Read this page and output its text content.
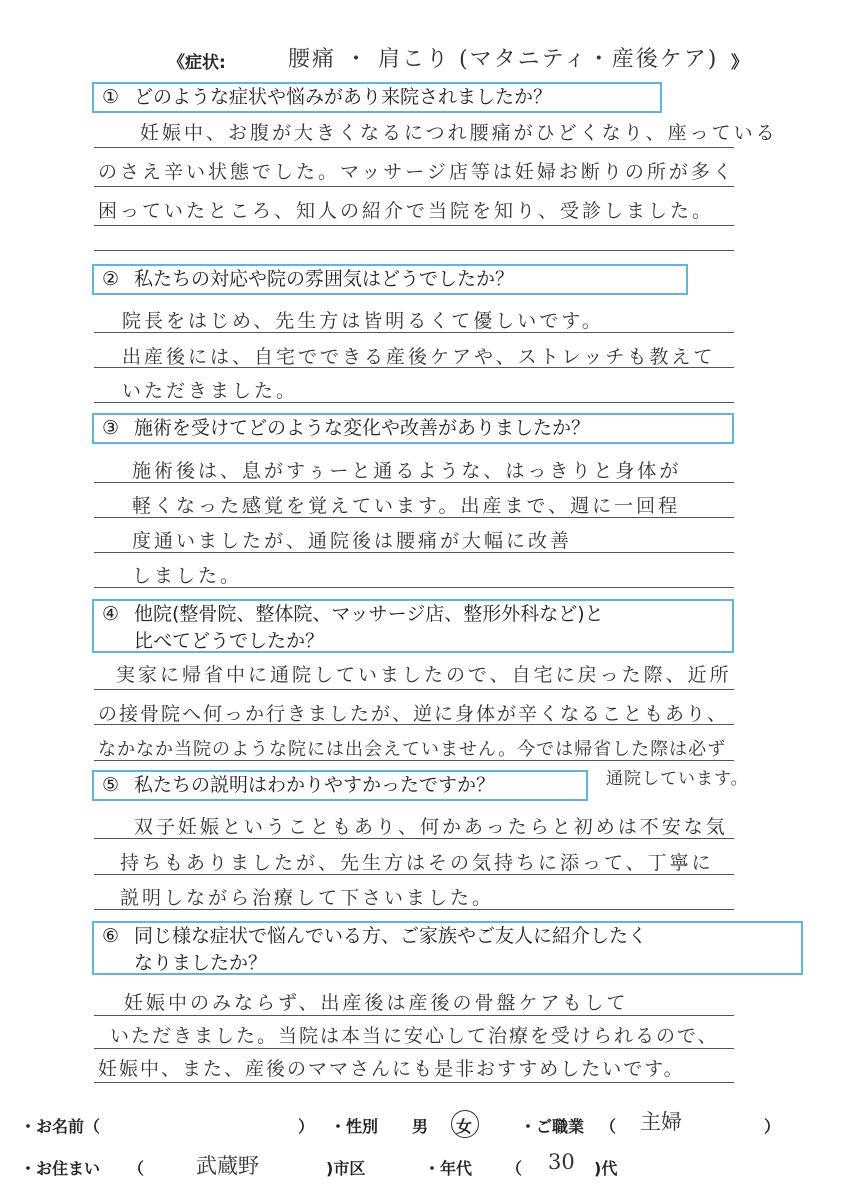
《症状:	腰痛 ・ 肩こり (マタニティ・産後ケア) 》
① どのような症状や悩みがあり来院されましたか？
妊娠中、お腹が大きくなるにつれ腰痛がひどくなり、座っている
のさえ辛い状態でした。マッサージ店等は妊婦お断りの所が多く
困っていたところ、知人の紹介で当院を知り、受診しました。
② 私たちの対応や院の雰囲気はどうでしたか？
院長をはじめ、先生方は皆明るくて優しいです。
出産後には、自宅でできる産後ケアや、ストレッチも教えて
いただきました。
③ 施術を受けてどのような変化や改善がありましたか？
施術後は、息がすぅーと通るような、はっきりと身体が
軽くなった感覚を覚えています。出産まで、週に一回程
度通いましたが、通院後は腰痛が大幅に改善
しました。
④ 他院(整骨院、整体院、マッサージ店、整形外科など)と
比べてどうでしたか？
実家に帰省中に通院していましたので、自宅に戻った際、近所
の接骨院へ何っか行きましたが、逆に身体が辛くなることもあり、
なかなか当院のような院には出会えていません。今では帰省した際は必ず
通院しています。
⑤ 私たちの説明はわかりやすかったですか？
双子妊娠ということもあり、何かあったらと初めは不安な気
持ちもありましたが、先生方はその気持ちに添って、丁寧に
説明しながら治療して下さいました。
⑥ 同じ様な症状で悩んでいる方、ご家族やご友人に紹介したく
なりましたか？
妊娠中のみならず、出産後は産後の骨盤ケアもして
いただきました。当院は本当に安心して治療を受けられるので、
妊娠中、また、産後のママさんにも是非おすすめしたいです。
・お名前（	） ・性別 男 女	・ご職業 （ 主婦	）
・お住まい （ 武蔵野	)市区	・年代 （ 30 )代
